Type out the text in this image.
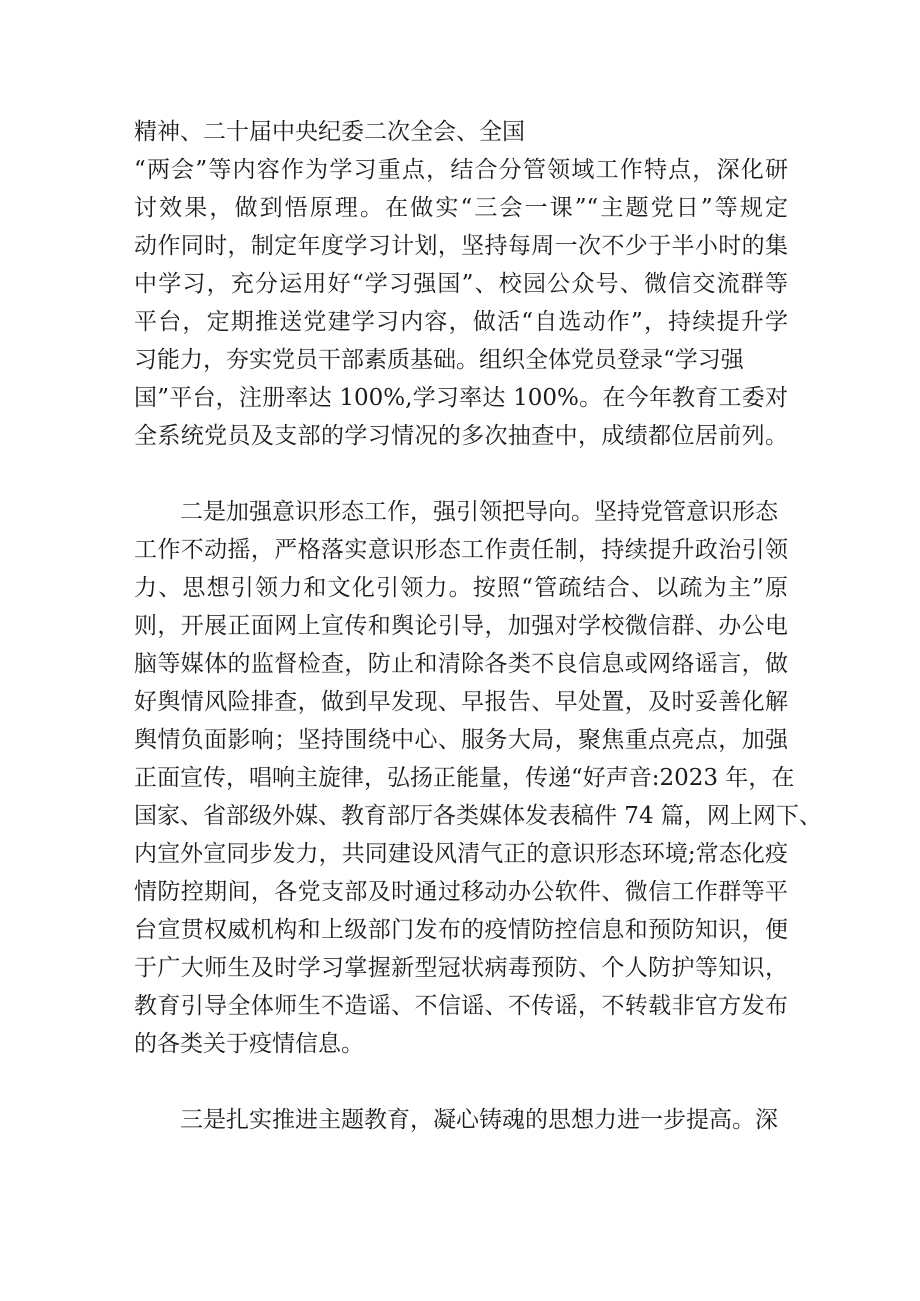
精神、二十届中央纪委二次全会、全国
“两会”等内容作为学习重点，结合分管领域工作特点，深化研
讨效果，做到悟原理。在做实“三会一课”“主题党日”等规定
动作同时，制定年度学习计划，坚持每周一次不少于半小时的集
中学习，充分运用好“学习强国”、校园公众号、微信交流群等
平台，定期推送党建学习内容，做活“自选动作”，持续提升学
习能力，夯实党员干部素质基础。组织全体党员登录“学习强
国”平台，注册率达 100%,学习率达 100%。在今年教育工委对
全系统党员及支部的学习情况的多次抽查中，成绩都位居前列。
二是加强意识形态工作，强引领把导向。坚持党管意识形态
工作不动摇，严格落实意识形态工作责任制，持续提升政治引领
力、思想引领力和文化引领力。按照“管疏结合、以疏为主”原
则，开展正面网上宣传和舆论引导，加强对学校微信群、办公电
脑等媒体的监督检查，防止和清除各类不良信息或网络谣言，做
好舆情风险排查，做到早发现、早报告、早处置，及时妥善化解
舆情负面影响；坚持围绕中心、服务大局，聚焦重点亮点，加强
正面宣传，唱响主旋律，弘扬正能量，传递“好声音:2023 年，在
国家、省部级外媒、教育部厅各类媒体发表稿件 74 篇，网上网下、
内宣外宣同步发力，共同建设风清气正的意识形态环境;常态化疫
情防控期间，各党支部及时通过移动办公软件、微信工作群等平
台宣贯权威机构和上级部门发布的疫情防控信息和预防知识，便
于广大师生及时学习掌握新型冠状病毒预防、个人防护等知识，
教育引导全体师生不造谣、不信谣、不传谣，不转载非官方发布
的各类关于疫情信息。
三是扎实推进主题教育，凝心铸魂的思想力进一步提高。深
